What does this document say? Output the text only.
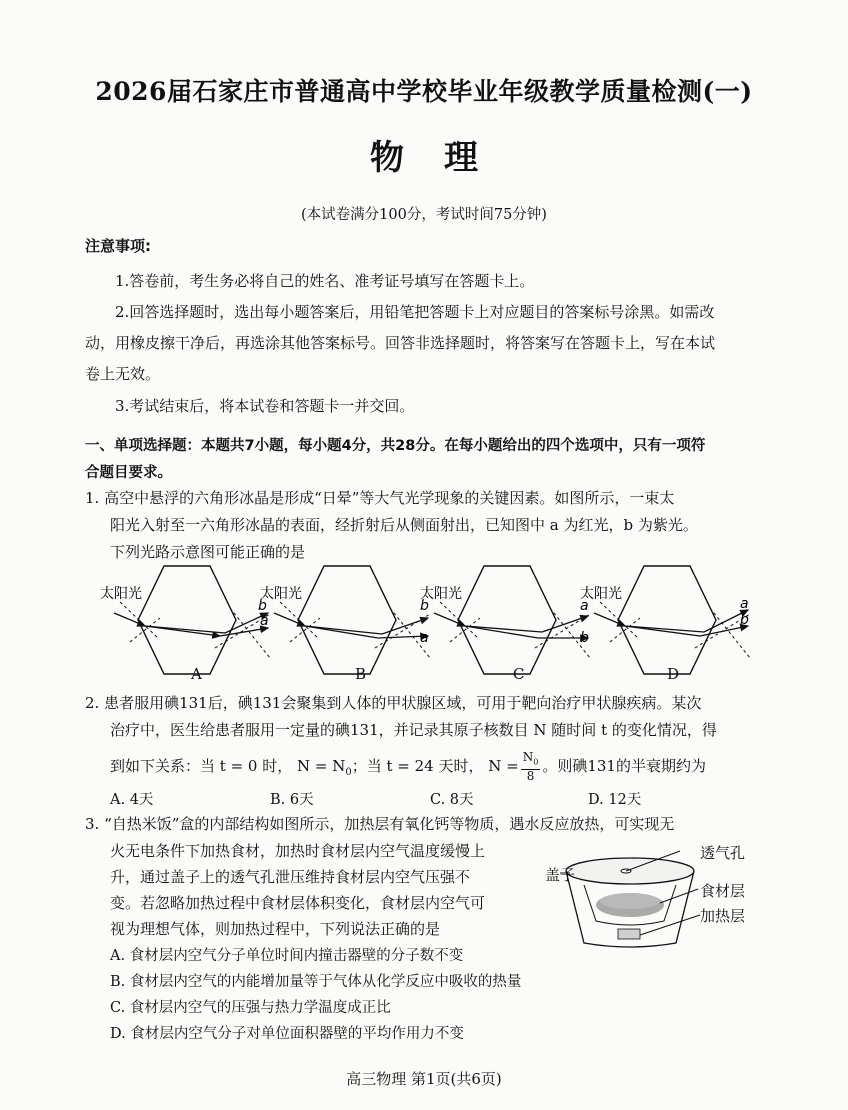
2026届石家庄市普通高中学校毕业年级教学质量检测(一)
物理
(本试卷满分100分，考试时间75分钟)
注意事项:
1.答卷前，考生务必将自己的姓名、准考证号填写在答题卡上。
2.回答选择题时，选出每小题答案后，用铅笔把答题卡上对应题目的答案标号涂黑。如需改
动，用橡皮擦干净后，再选涂其他答案标号。回答非选择题时，将答案写在答题卡上，写在本试
卷上无效。
3.考试结束后，将本试卷和答题卡一并交回。
一、单项选择题：本题共7小题，每小题4分，共28分。在每小题给出的四个选项中，只有一项符
合题目要求。
1. 高空中悬浮的六角形冰晶是形成“日晕”等大气光学现象的关键因素。如图所示，一束太
阳光入射至一六角形冰晶的表面，经折射后从侧面射出，已知图中 a 为红光，b 为紫光。
下列光路示意图可能正确的是
太阳光
b
a
太阳光
b
a
太阳光
a
b
太阳光
a
b
A	B	C	D
2. 患者服用碘131后，碘131会聚集到人体的甲状腺区域，可用于靶向治疗甲状腺疾病。某次
治疗中，医生给患者服用一定量的碘131，并记录其原子核数目 N 随时间 t 的变化情况，得
到如下关系：当 t = 0 时， $N = N_0$；当 t = 24 天时， $N = \frac{N_0}{8}$ 。则碘131的半衰期约为
A. 4天	B. 6天	C. 8天	D. 12天
3. “自热米饭”盒的内部结构如图所示，加热层有氧化钙等物质，遇水反应放热，可实现无
火无电条件下加热食材，加热时食材层内空气温度缓慢上
升，通过盖子上的透气孔泄压维持食材层内空气压强不
变。若忽略加热过程中食材层体积变化，食材层内空气可
视为理想气体，则加热过程中，下列说法正确的是
A. 食材层内空气分子单位时间内撞击器壁的分子数不变
B. 食材层内空气的内能增加量等于气体从化学反应中吸收的热量
C. 食材层内空气的压强与热力学温度成正比
D. 食材层内空气分子对单位面积器壁的平均作用力不变
透气孔
盖子
食材层
加热层
高三物理 第1页(共6页)
